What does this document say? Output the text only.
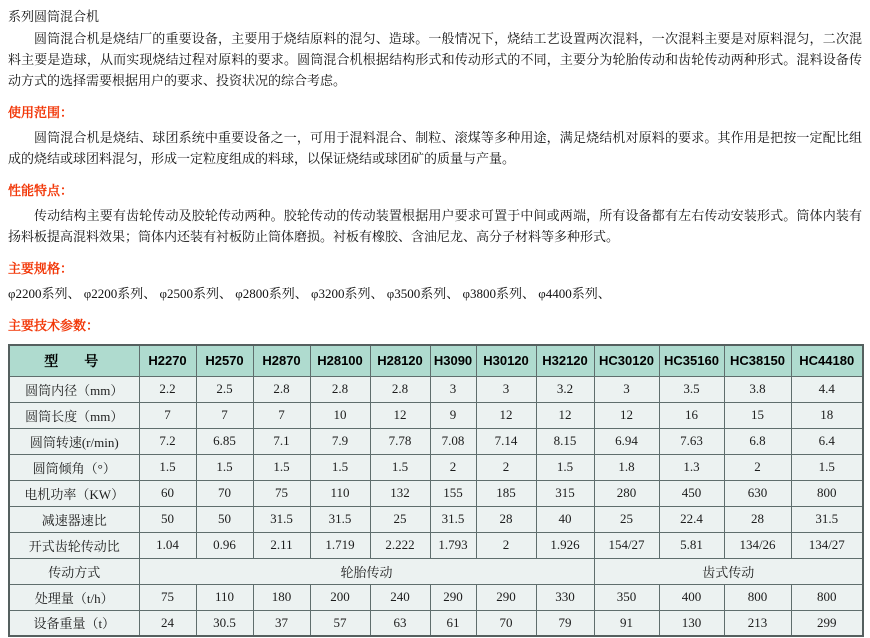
系列圆筒混合机

圆筒混合机是烧结厂的重要设备，主要用于烧结原料的混匀、造球。一般情况下，烧结工艺设置两次混料，一次混料主要是对原料混匀，二次混料主要是造球，从而实现烧结过程对原料的要求。圆筒混合机根据结构形式和传动形式的不同，主要分为轮胎传动和齿轮传动两种形式。混料设备传动方式的选择需要根据用户的要求、投资状况的综合考虑。

使用范围：

圆筒混合机是烧结、球团系统中重要设备之一，可用于混料混合、制粒、滚煤等多种用途，满足烧结机对原料的要求。其作用是把按一定配比组成的烧结或球团料混匀，形成一定粒度组成的料球，以保证烧结或球团矿的质量与产量。

性能特点：

传动结构主要有齿轮传动及胶轮传动两种。胶轮传动的传动装置根据用户要求可置于中间或两端，所有设备都有左右传动安装形式。筒体内装有扬料板提高混料效果；筒体内还装有衬板防止筒体磨损。衬板有橡胶、含油尼龙、高分子材料等多种形式。

主要规格：

φ2200系列、 φ2200系列、 φ2500系列、 φ2800系列、 φ3200系列、 φ3500系列、 φ3800系列、 φ4400系列、

主要技术参数：
型　号	H2270	H2570	H2870	H28100	H28120	H3090	H30120	H32120	HC30120	HC35160	HC38150	HC44180
圆筒内径（mm）	2.2	2.5	2.8	2.8	2.8	3	3	3.2	3	3.5	3.8	4.4
圆筒长度（mm）	7	7	7	10	12	9	12	12	12	16	15	18
圆筒转速(r/min)	7.2	6.85	7.1	7.9	7.78	7.08	7.14	8.15	6.94	7.63	6.8	6.4
圆筒倾角（°）	1.5	1.5	1.5	1.5	1.5	2	2	1.5	1.8	1.3	2	1.5
电机功率（KW）	60	70	75	110	132	155	185	315	280	450	630	800
减速器速比	50	50	31.5	31.5	25	31.5	28	40	25	22.4	28	31.5
开式齿轮传动比	1.04	0.96	2.11	1.719	2.222	1.793	2	1.926	154/27	5.81	134/26	134/27
传动方式	轮胎传动								齿式传动			
处理量（t/h）	75	110	180	200	240	290	290	330	350	400	800	800
设备重量（t）	24	30.5	37	57	63	61	70	79	91	130	213	299
